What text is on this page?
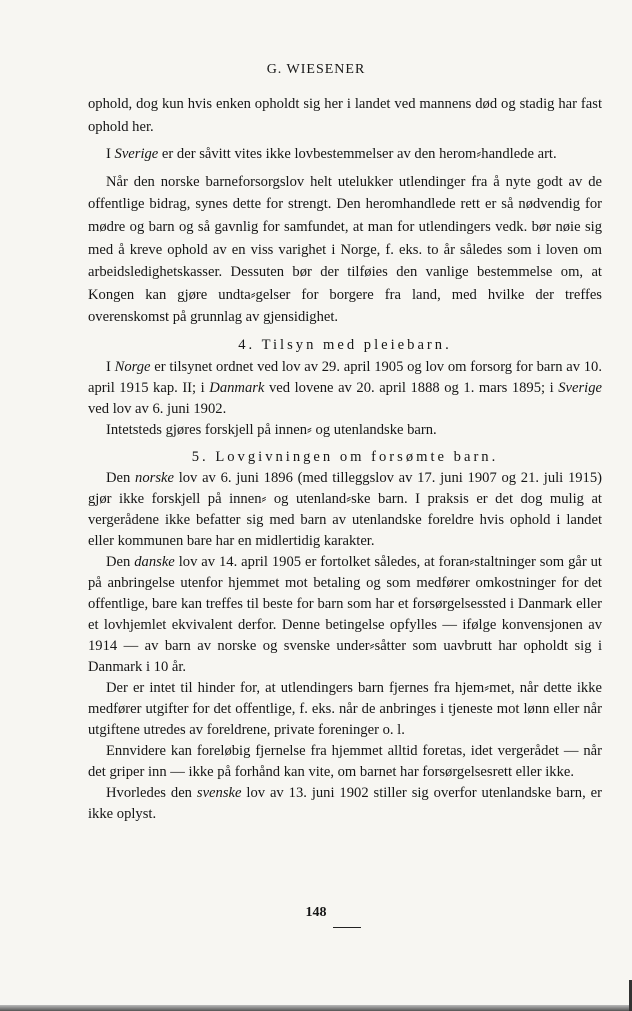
G. WIESENER

ophold, dog kun hvis enken opholdt sig her i landet ved mannens død og stadig har fast ophold her.

I Sverige er der såvitt vites ikke lovbestemmelser av den herom⸗handlede art.

Når den norske barneforsorgslov helt utelukker utlendinger fra å nyte godt av de offentlige bidrag, synes dette for strengt. Den heromhandlede rett er så nødvendig for mødre og barn og så gavnlig for samfundet, at man for utlendingers vedk. bør nøie sig med å kreve ophold av en viss varighet i Norge, f. eks. to år således som i loven om arbeidsledighetskasser. Dessuten bør der tilføies den vanlige bestemmelse om, at Kongen kan gjøre undta⸗gelser for borgere fra land, med hvilke der treffes overenskomst på grunnlag av gjensidighet.

4. Tilsyn med pleiebarn.

I Norge er tilsynet ordnet ved lov av 29. april 1905 og lov om forsorg for barn av 10. april 1915 kap. II; i Danmark ved lovene av 20. april 1888 og 1. mars 1895; i Sverige ved lov av 6. juni 1902.

Intetsteds gjøres forskjell på innen⸗ og utenlandske barn.

5. Lovgivningen om forsømte barn.

Den norske lov av 6. juni 1896 (med tilleggslov av 17. juni 1907 og 21. juli 1915) gjør ikke forskjell på innen⸗ og utenland⸗ske barn. I praksis er det dog mulig at vergerådene ikke befatter sig med barn av utenlandske foreldre hvis ophold i landet eller kommunen bare har en midlertidig karakter.

Den danske lov av 14. april 1905 er fortolket således, at foran⸗staltninger som går ut på anbringelse utenfor hjemmet mot betaling og som medfører omkostninger for det offentlige, bare kan treffes til beste for barn som har et forsørgelsessted i Danmark eller et lovhjemlet ekvivalent derfor. Denne betingelse opfylles — ifølge konvensjonen av 1914 — av barn av norske og svenske under⸗såtter som uavbrutt har opholdt sig i Danmark i 10 år.

Der er intet til hinder for, at utlendingers barn fjernes fra hjem⸗met, når dette ikke medfører utgifter for det offentlige, f. eks. når de anbringes i tjeneste mot lønn eller når utgiftene utredes av foreldrene, private foreninger o. l.

Ennvidere kan foreløbig fjernelse fra hjemmet alltid foretas, idet vergerådet — når det griper inn — ikke på forhånd kan vite, om barnet har forsørgelsesrett eller ikke.

Hvorledes den svenske lov av 13. juni 1902 stiller sig overfor utenlandske barn, er ikke oplyst.

148
